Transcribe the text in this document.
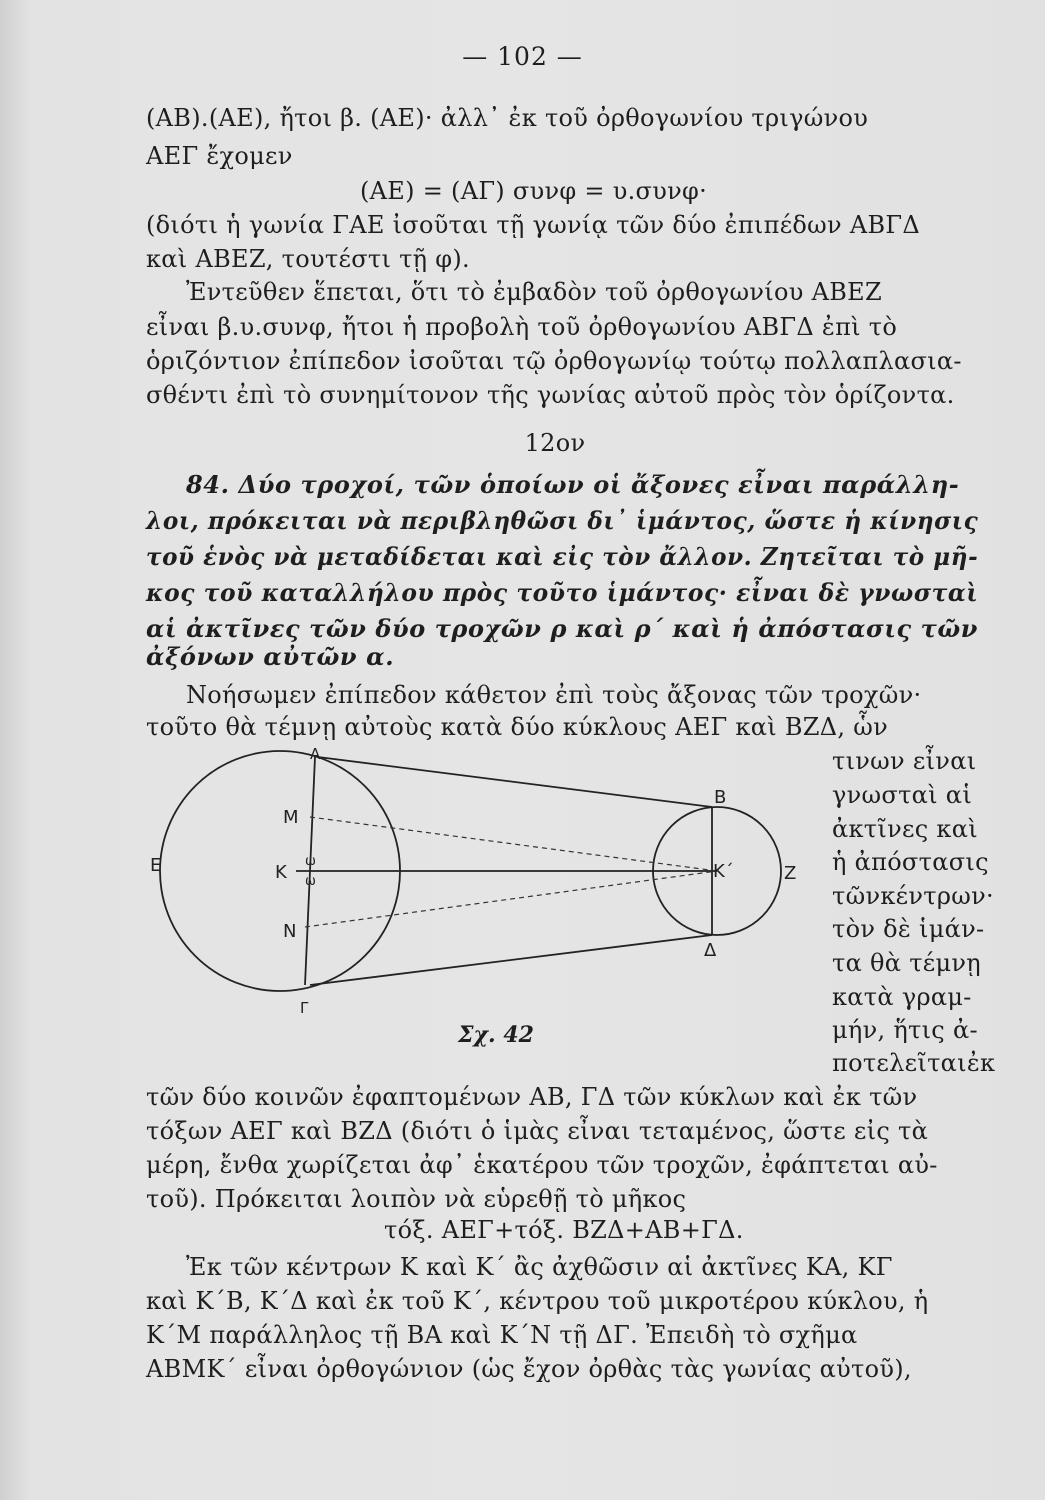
— 102 —
(ΑΒ).(ΑΕ), ἤτοι β. (ΑΕ)· ἀλλ᾽ ἐκ τοῦ ὀρθογωνίου τριγώνου
ΑΕΓ ἔχομεν
(ΑΕ) = (ΑΓ) συνφ = υ.συνφ·
(διότι ἡ γωνία ΓΑΕ ἰσοῦται τῇ γωνίᾳ τῶν δύο ἐπιπέδων ΑΒΓΔ
καὶ ΑΒΕΖ, τουτέστι τῇ φ).
Ἐντεῦθεν ἕπεται, ὅτι τὸ ἐμβαδὸν τοῦ ὀρθογωνίου ΑΒΕΖ
εἶναι β.υ.συνφ, ἤτοι ἡ προβολὴ τοῦ ὀρθογωνίου ΑΒΓΔ ἐπὶ τὸ
ὁριζόντιον ἐπίπεδον ἰσοῦται τῷ ὀρθογωνίῳ τούτῳ πολλαπλασια-
σθέντι ἐπὶ τὸ συνημίτονον τῆς γωνίας αὐτοῦ πρὸς τὸν ὁρίζοντα.
12ον
84. Δύο τροχοί, τῶν ὁποίων οἱ ἄξονες εἶναι παράλλη-
λοι, πρόκειται νὰ περιβληθῶσι δι᾽ ἱμάντος, ὥστε ἡ κίνησις
τοῦ ἑνὸς νὰ μεταδίδεται καὶ εἰς τὸν ἄλλον. Ζητεῖται τὸ μῆ-
κος τοῦ καταλλήλου πρὸς τοῦτο ἱμάντος· εἶναι δὲ γνωσταὶ
αἱ ἀκτῖνες τῶν δύο τροχῶν ρ καὶ ρ΄ καὶ ἡ ἀπόστασις τῶν
ἀξόνων αὐτῶν α.
Νοήσωμεν ἐπίπεδον κάθετον ἐπὶ τοὺς ἄξονας τῶν τροχῶν·
τοῦτο θὰ τέμνῃ αὐτοὺς κατὰ δύο κύκλους ΑΕΓ καὶ ΒΖΔ, ὧν
τινων εἶναι
γνωσταὶ αἱ
ἀκτῖνες καὶ
ἡ ἀπόστασις
τῶνκέντρων·
τὸν δὲ ἱμάν-
τα θὰ τέμνῃ
κατὰ γραμ-
μήν, ἥτις ἀ-
ποτελεῖταιἐκ
A
M
E	K
ω
ω
N
Γ
B
K΄	Z
Δ
Σχ. 42
τῶν δύο κοινῶν ἐφαπτομένων ΑΒ, ΓΔ τῶν κύκλων καὶ ἐκ τῶν
τόξων ΑΕΓ καὶ ΒΖΔ (διότι ὁ ἱμὰς εἶναι τεταμένος, ὥστε εἰς τὰ
μέρη, ἔνθα χωρίζεται ἀφ᾽ ἑκατέρου τῶν τροχῶν, ἐφάπτεται αὐ-
τοῦ). Πρόκειται λοιπὸν νὰ εὑρεθῇ τὸ μῆκος
τόξ. ΑΕΓ+τόξ. ΒΖΔ+ΑΒ+ΓΔ.
Ἐκ τῶν κέντρων Κ καὶ Κ΄ ἂς ἀχθῶσιν αἱ ἀκτῖνες ΚΑ, ΚΓ
καὶ Κ΄Β, Κ΄Δ καὶ ἐκ τοῦ Κ΄, κέντρου τοῦ μικροτέρου κύκλου, ἡ
Κ΄Μ παράλληλος τῇ ΒΑ καὶ Κ΄Ν τῇ ΔΓ. Ἐπειδὴ τὸ σχῆμα
ΑΒΜΚ΄ εἶναι ὀρθογώνιον (ὡς ἔχον ὀρθὰς τὰς γωνίας αὐτοῦ),
